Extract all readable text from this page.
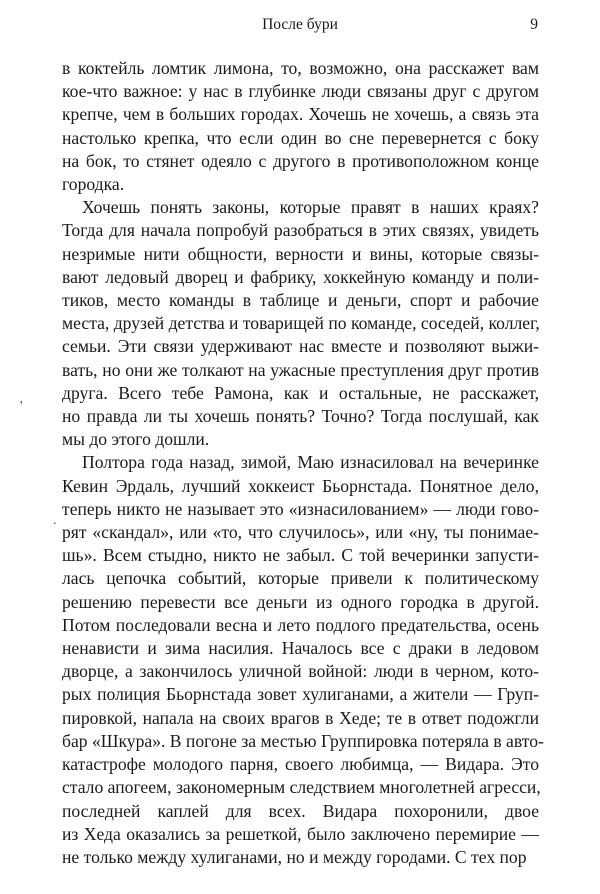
После бури	9
в коктейль ломтик лимона, то, возможно, она расскажет вам
кое-что важное: у нас в глубинке люди связаны друг с другом
крепче, чем в больших городах. Хочешь не хочешь, а связь эта
настолько крепка, что если один во сне перевернется с боку
на бок, то стянет одеяло с другого в противоположном конце
городка.
Хочешь понять законы, которые правят в наших краях?
Тогда для начала попробуй разобраться в этих связях, увидеть
незримые нити общности, верности и вины, которые связы-
вают ледовый дворец и фабрику, хоккейную команду и поли-
тиков, место команды в таблице и деньги, спорт и рабочие
места, друзей детства и товарищей по команде, соседей, коллег,
семьи. Эти связи удерживают нас вместе и позволяют выжи-
вать, но они же толкают на ужасные преступления друг против
друга. Всего тебе Рамона, как и остальные, не расскажет,
но правда ли ты хочешь понять? Точно? Тогда послушай, как
мы до этого дошли.
Полтора года назад, зимой, Маю изнасиловал на вечеринке
Кевин Эрдаль, лучший хоккеист Бьорнстада. Понятное дело,
теперь никто не называет это «изнасилованием» — люди гово-
рят «скандал», или «то, что случилось», или «ну, ты понимае-
шь». Всем стыдно, никто не забыл. С той вечеринки запусти-
лась цепочка событий, которые привели к политическому
решению перевести все деньги из одного городка в другой.
Потом последовали весна и лето подлого предательства, осень
ненависти и зима насилия. Началось все с драки в ледовом
дворце, а закончилось уличной войной: люди в черном, кото-
рых полиция Бьорнстада зовет хулиганами, а жители — Груп-
пировкой, напала на своих врагов в Хеде; те в ответ подожгли
бар «Шкура». В погоне за местью Группировка потеряла в авто-
катастрофе молодого парня, своего любимца, — Видара. Это
стало апогеем, закономерным следствием многолетней агресси,
последней каплей для всех. Видара похоронили, двое
из Хеда оказались за решеткой, было заключено перемирие —
не только между хулиганами, но и между городами. С тех пор
'
.
